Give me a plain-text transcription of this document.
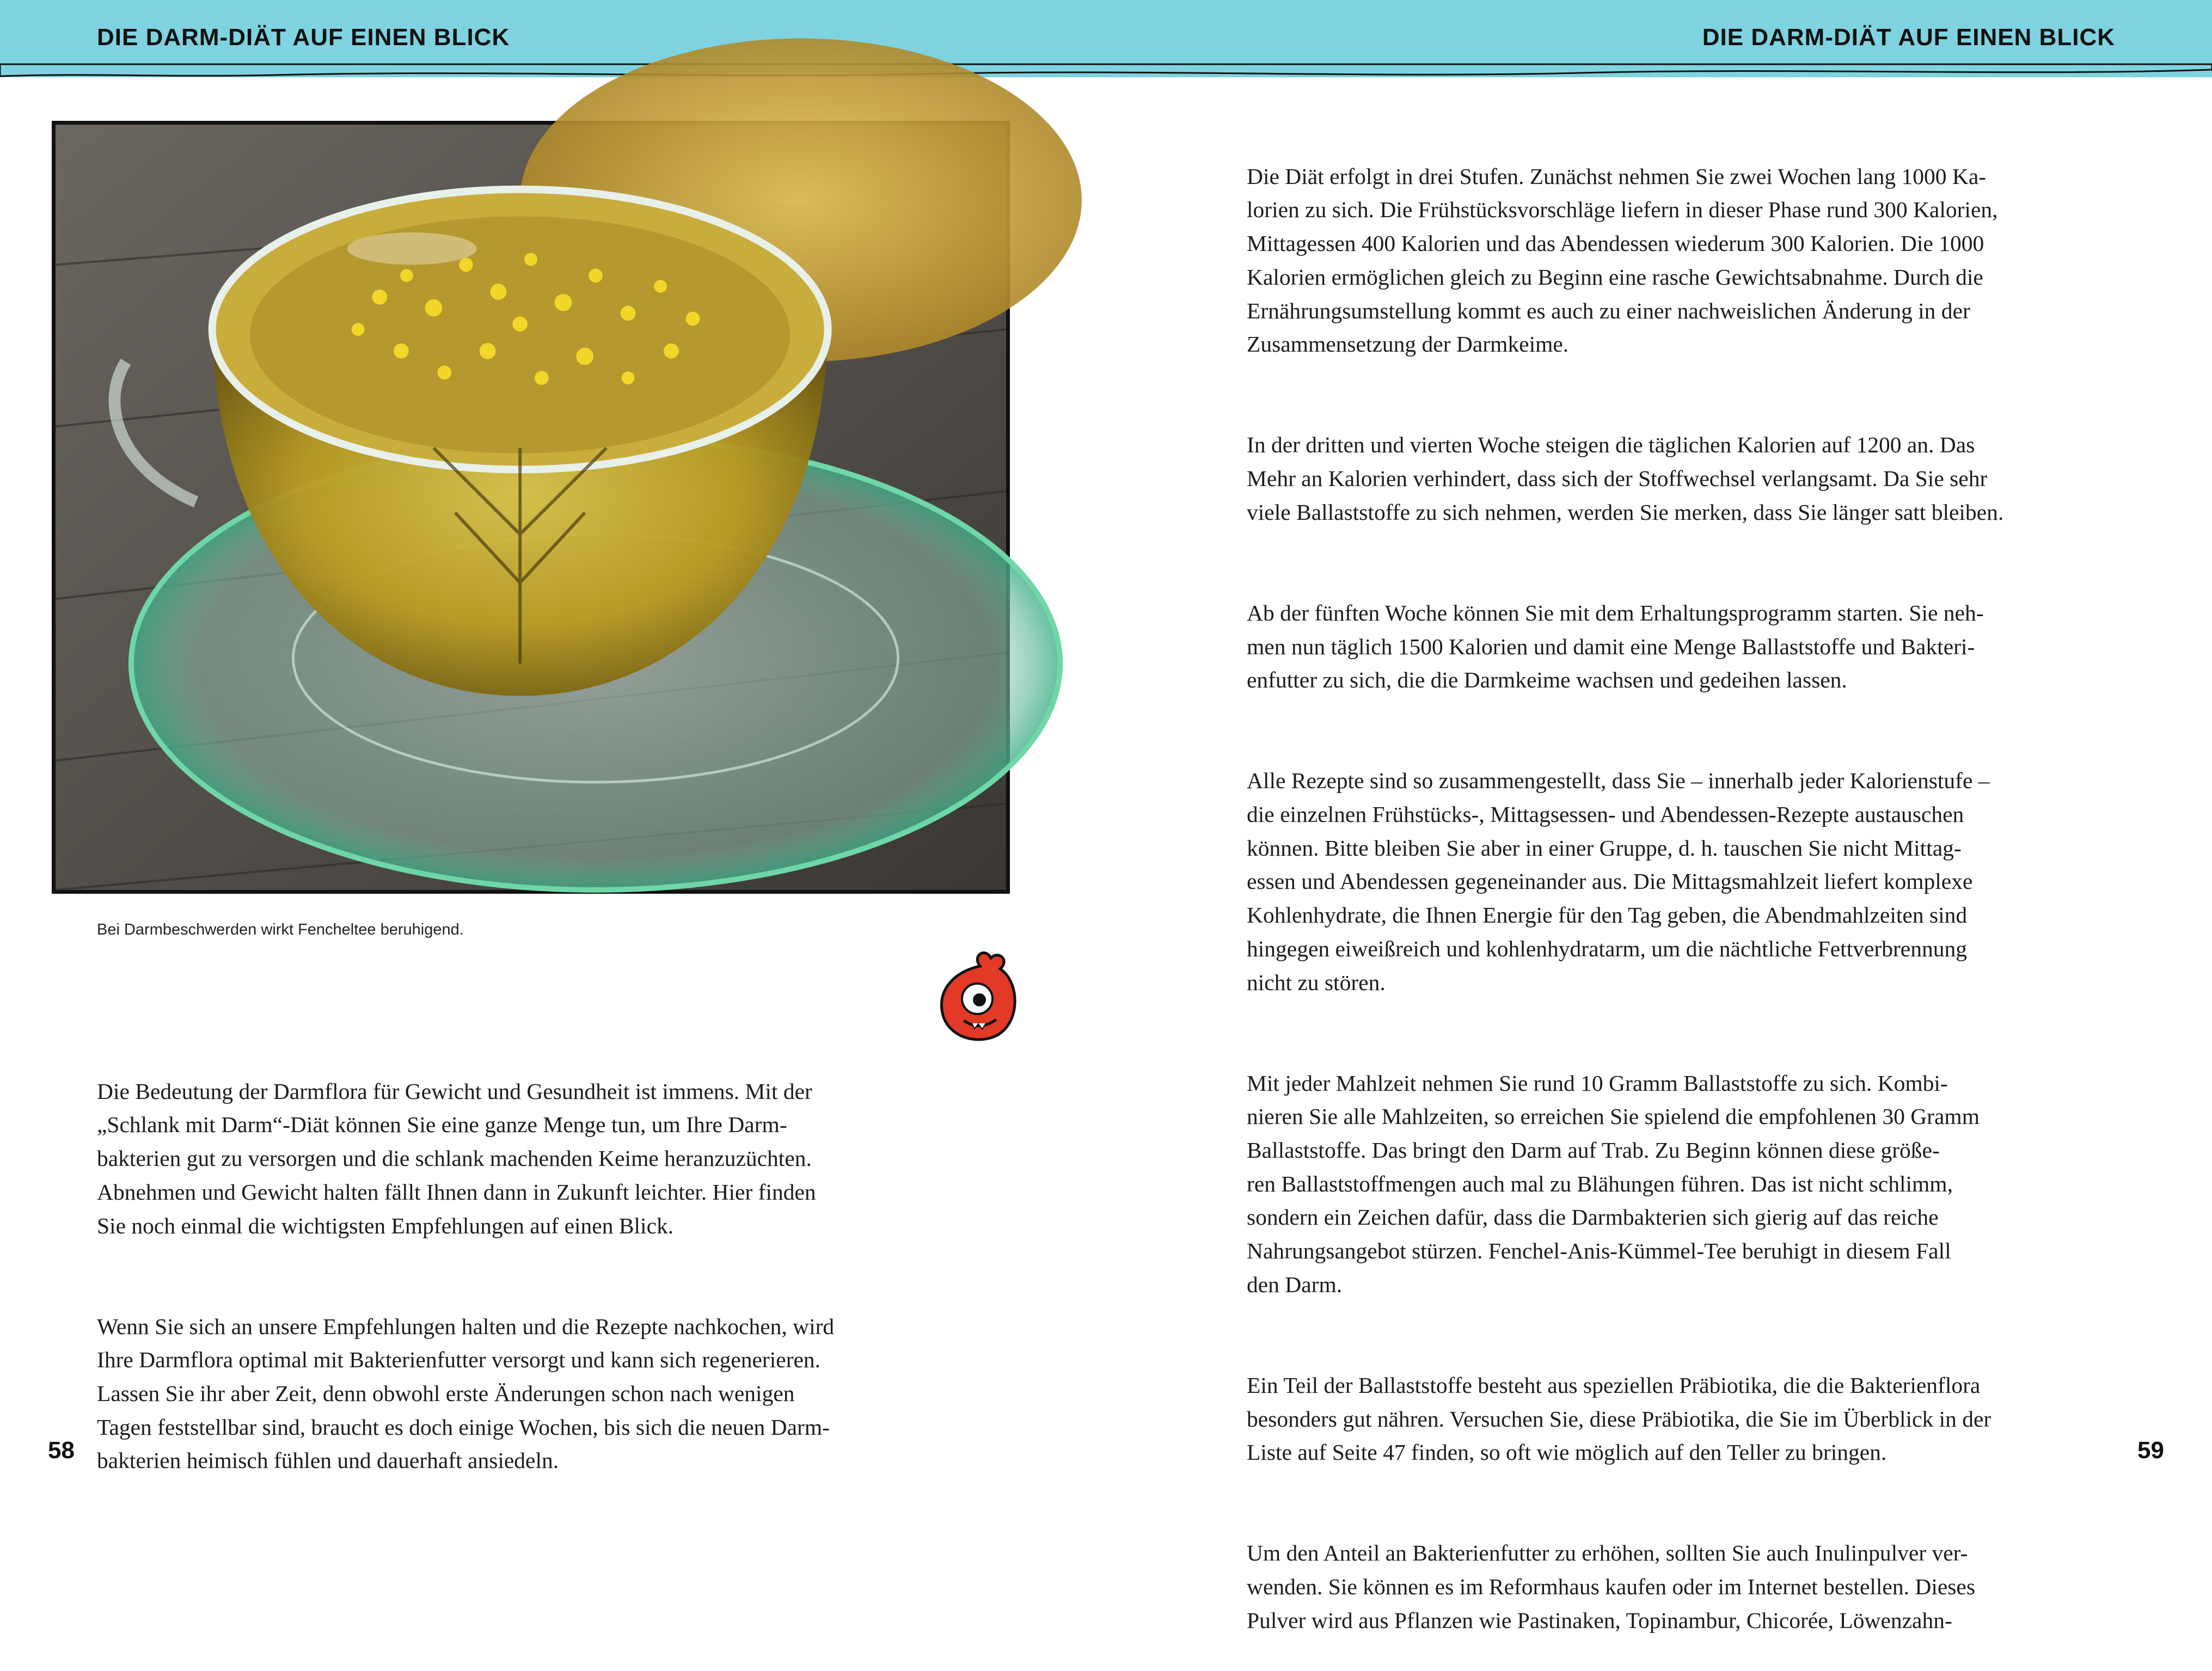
DIE DARM-DIÄT AUF EINEN BLICK	DIE DARM-DIÄT AUF EINEN BLICK
Bei Darmbeschwerden wirkt Fencheltee beruhigend.

Die Bedeutung der Darmflora für Gewicht und Gesundheit ist immens. Mit der
„Schlank mit Darm“-Diät können Sie eine ganze Menge tun, um Ihre Darm-
bakterien gut zu versorgen und die schlank machenden Keime heranzuzüchten.
Abnehmen und Gewicht halten fällt Ihnen dann in Zukunft leichter. Hier finden
Sie noch einmal die wichtigsten Empfehlungen auf einen Blick.

Wenn Sie sich an unsere Empfehlungen halten und die Rezepte nachkochen, wird
Ihre Darmflora optimal mit Bakterienfutter versorgt und kann sich regenerieren.
Lassen Sie ihr aber Zeit, denn obwohl erste Änderungen schon nach wenigen
Tagen feststellbar sind, braucht es doch einige Wochen, bis sich die neuen Darm-
bakterien heimisch fühlen und dauerhaft ansiedeln.

Die Diät erfolgt in drei Stufen. Zunächst nehmen Sie zwei Wochen lang 1000 Ka-
lorien zu sich. Die Frühstücksvorschläge liefern in dieser Phase rund 300 Kalorien,
Mittagessen 400 Kalorien und das Abendessen wiederum 300 Kalorien. Die 1000
Kalorien ermöglichen gleich zu Beginn eine rasche Gewichtsabnahme. Durch die
Ernährungsumstellung kommt es auch zu einer nachweislichen Änderung in der
Zusammensetzung der Darmkeime.

In der dritten und vierten Woche steigen die täglichen Kalorien auf 1200 an. Das
Mehr an Kalorien verhindert, dass sich der Stoffwechsel verlangsamt. Da Sie sehr
viele Ballaststoffe zu sich nehmen, werden Sie merken, dass Sie länger satt bleiben.

Ab der fünften Woche können Sie mit dem Erhaltungsprogramm starten. Sie neh-
men nun täglich 1500 Kalorien und damit eine Menge Ballaststoffe und Bakteri-
enfutter zu sich, die die Darmkeime wachsen und gedeihen lassen.

Alle Rezepte sind so zusammengestellt, dass Sie – innerhalb jeder Kalorienstufe –
die einzelnen Frühstücks-, Mittagsessen- und Abendessen-Rezepte austauschen
können. Bitte bleiben Sie aber in einer Gruppe, d. h. tauschen Sie nicht Mittag-
essen und Abendessen gegeneinander aus. Die Mittagsmahlzeit liefert komplexe
Kohlenhydrate, die Ihnen Energie für den Tag geben, die Abendmahlzeiten sind
hingegen eiweißreich und kohlenhydratarm, um die nächtliche Fettverbrennung
nicht zu stören.

Mit jeder Mahlzeit nehmen Sie rund 10 Gramm Ballaststoffe zu sich. Kombi-
nieren Sie alle Mahlzeiten, so erreichen Sie spielend die empfohlenen 30 Gramm
Ballaststoffe. Das bringt den Darm auf Trab. Zu Beginn können diese größe-
ren Ballaststoffmengen auch mal zu Blähungen führen. Das ist nicht schlimm,
sondern ein Zeichen dafür, dass die Darmbakterien sich gierig auf das reiche
Nahrungsangebot stürzen. Fenchel-Anis-Kümmel-Tee beruhigt in diesem Fall
den Darm.

Ein Teil der Ballaststoffe besteht aus speziellen Präbiotika, die die Bakterienflora
besonders gut nähren. Versuchen Sie, diese Präbiotika, die Sie im Überblick in der
Liste auf Seite 47 finden, so oft wie möglich auf den Teller zu bringen.

Um den Anteil an Bakterienfutter zu erhöhen, sollten Sie auch Inulinpulver ver-
wenden. Sie können es im Reformhaus kaufen oder im Internet bestellen. Dieses
Pulver wird aus Pflanzen wie Pastinaken, Topinambur, Chicorée, Löwenzahn-

58	59
